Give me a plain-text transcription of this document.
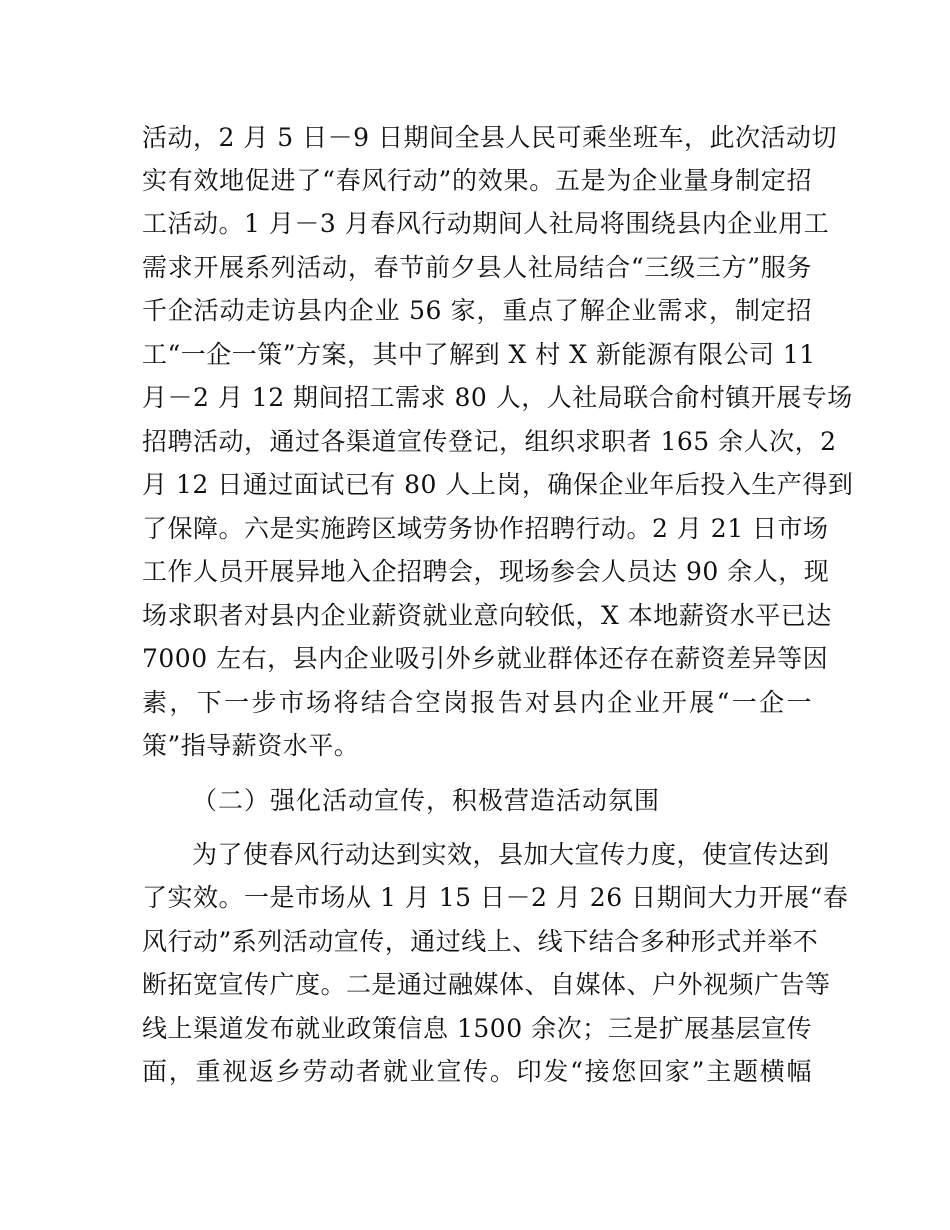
活动，2 月 5 日－9 日期间全县人民可乘坐班车，此次活动切
实有效地促进了“春风行动”的效果。五是为企业量身制定招
工活动。1 月－3 月春风行动期间人社局将围绕县内企业用工
需求开展系列活动，春节前夕县人社局结合“三级三方”服务
千企活动走访县内企业 56 家，重点了解企业需求，制定招
工“一企一策”方案，其中了解到 X 村 X 新能源有限公司 11
月－2 月 12 期间招工需求 80 人，人社局联合俞村镇开展专场
招聘活动，通过各渠道宣传登记，组织求职者 165 余人次，2
月 12 日通过面试已有 80 人上岗，确保企业年后投入生产得到
了保障。六是实施跨区域劳务协作招聘行动。2 月 21 日市场
工作人员开展异地入企招聘会，现场参会人员达 90 余人，现
场求职者对县内企业薪资就业意向较低，X 本地薪资水平已达
7000 左右，县内企业吸引外乡就业群体还存在薪资差异等因
素，下一步市场将结合空岗报告对县内企业开展“一企一
策”指导薪资水平。
（二）强化活动宣传，积极营造活动氛围
为了使春风行动达到实效，县加大宣传力度，使宣传达到
了实效。一是市场从 1 月 15 日－2 月 26 日期间大力开展“春
风行动”系列活动宣传，通过线上、线下结合多种形式并举不
断拓宽宣传广度。二是通过融媒体、自媒体、户外视频广告等
线上渠道发布就业政策信息 1500 余次；三是扩展基层宣传
面，重视返乡劳动者就业宣传。印发“接您回家”主题横幅
